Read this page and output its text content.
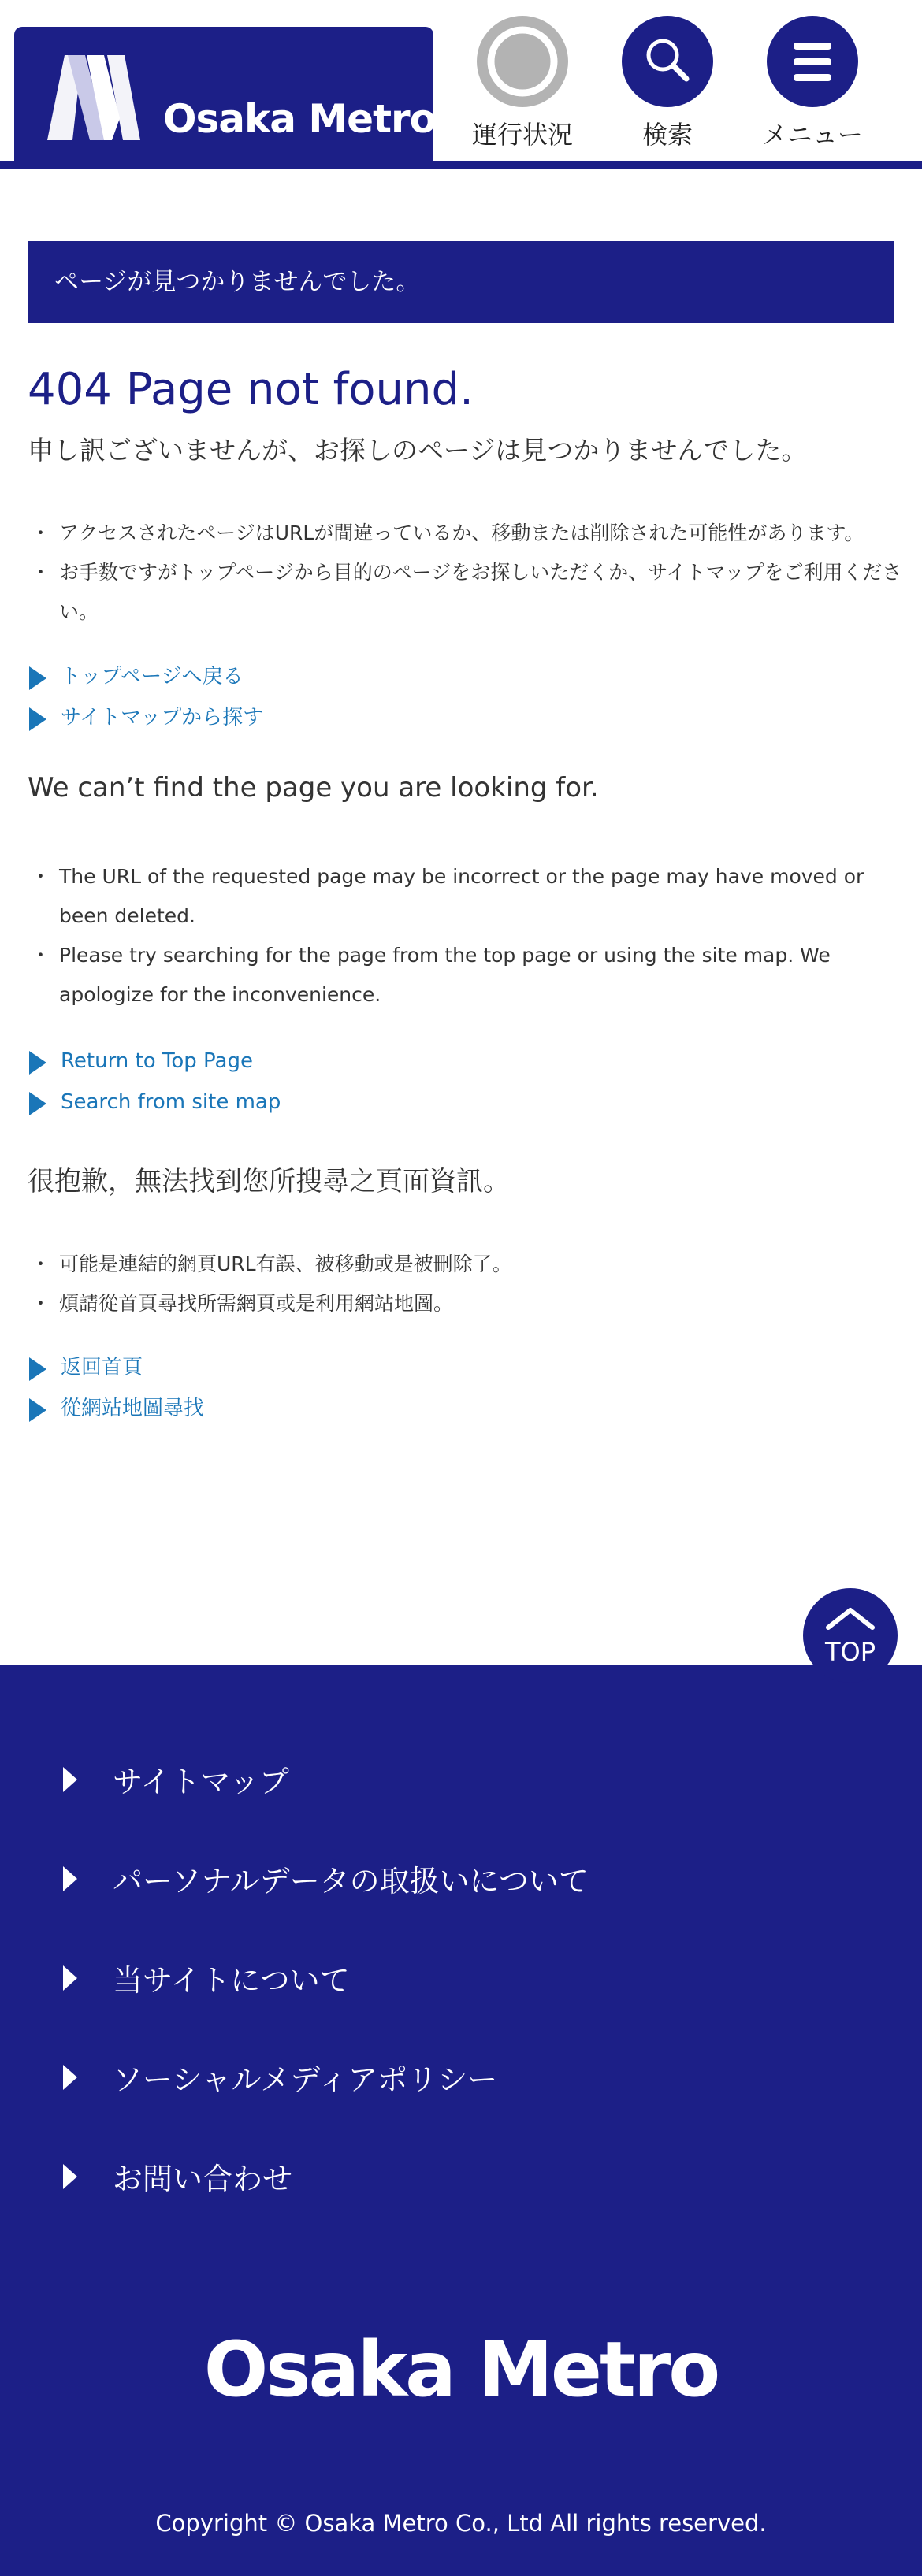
Osaka Metro	運行状況	検索	メニュー
ページが見つかりませんでした。
404 Page not found.
申し訳ございませんが、お探しのページは見つかりませんでした。
・ アクセスされたページはURLが間違っているか、移動または削除された可能性があります。
・ お手数ですがトップページから目的のページをお探しいただくか、サイトマップをご利用ください。
トップページへ戻る
サイトマップから探す
We can’t find the page you are looking for.
・ The URL of the requested page may be incorrect or the page may have moved or been deleted.
・ Please try searching for the page from the top page or using the site map. We apologize for the inconvenience.
Return to Top Page
Search from site map
很抱歉，無法找到您所搜尋之頁面資訊。
・ 可能是連結的網頁URL有誤、被移動或是被刪除了。
・ 煩請從首頁尋找所需網頁或是利用網站地圖。
返回首頁
從網站地圖尋找
TOP
サイトマップ
パーソナルデータの取扱いについて
当サイトについて
ソーシャルメディアポリシー
お問い合わせ
Osaka Metro
Copyright © Osaka Metro Co., Ltd All rights reserved.
